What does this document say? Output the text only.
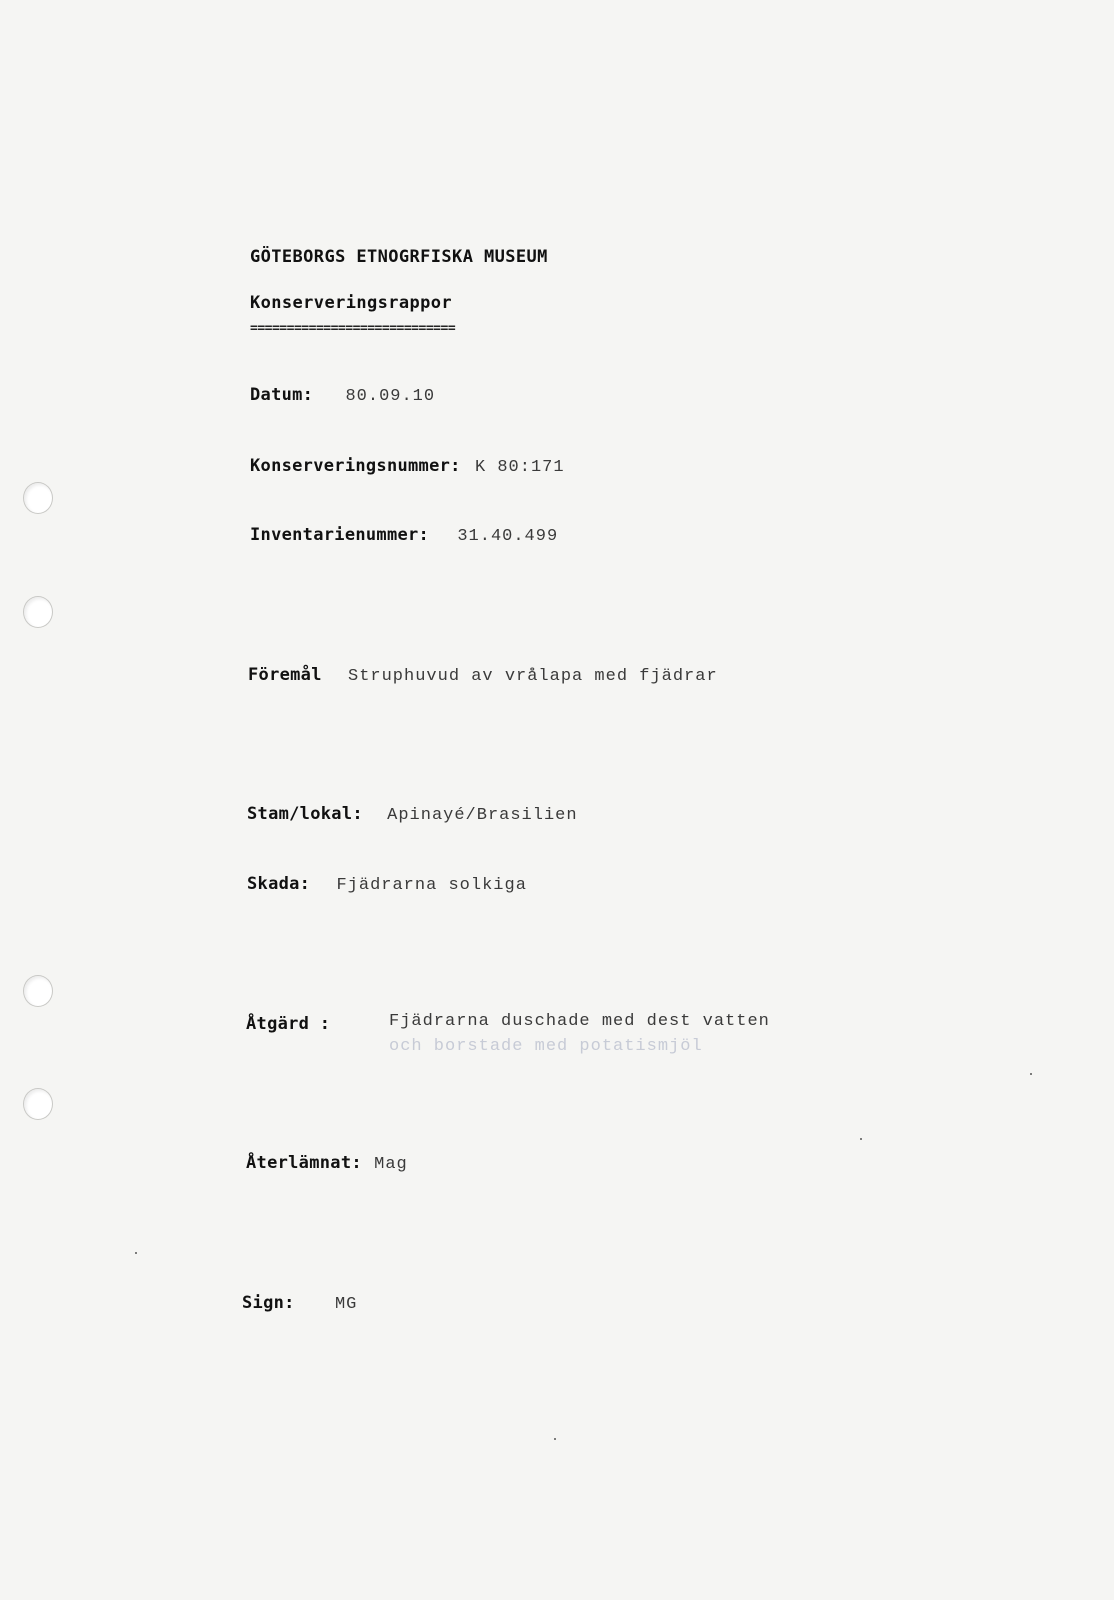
GÖTEBORGS ETNOGRFISKA MUSEUM
Konserveringsrappor
============================
Datum: 80.09.10
Konserveringsnummer: K 80:171
Inventarienummer: 31.40.499
Föremål Struphuvud av vrålapa med fjädrar
Stam/lokal: Apinayé/Brasilien
Skada: Fjädrarna solkiga
Åtgärd :	Fjädrarna duschade med dest vatten
och borstade med potatismjöl
Återlämnat: Mag
Sign: MG
